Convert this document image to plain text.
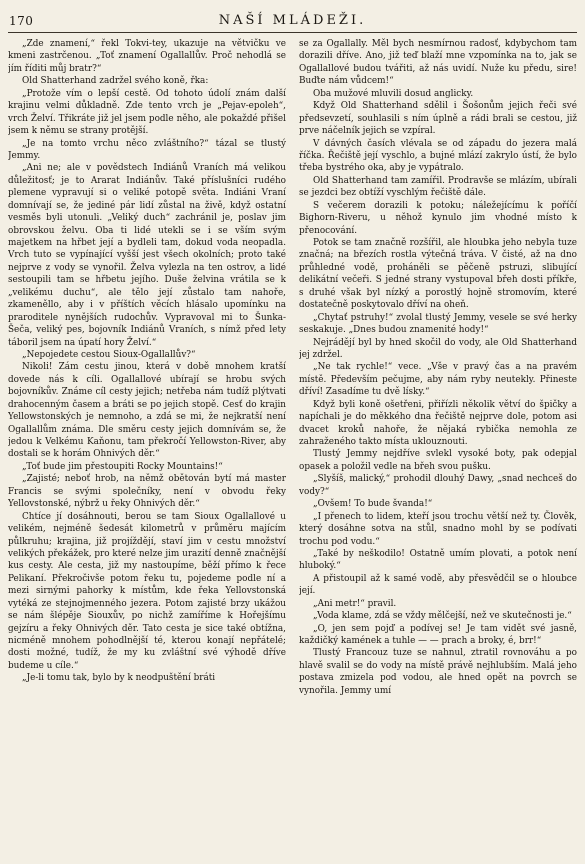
170	NAŠÍ MLÁDEŽI.

„Zde znamení,“ řekl Tokvi-tey, ukazuje na větvičku ve kmeni zastrčenou. „Toť znamení Ogallallův. Proč nehodlá se jím říditi můj bratr?“

Old Shatterhand zadržel svého koně, řka:

„Protože vím o lepší cestě. Od tohoto údolí znám další krajinu velmi důkladně. Zde tento vrch je „Pejav-epoleh“, vrch Želví. Třikráte již jel jsem podle něho, ale pokaždé přišel jsem k němu se strany protější.

„Je na tomto vrchu něco zvláštního?“ tázal se tlustý Jemmy.

„Ani ne; ale v povědstech Indiánů Vraních má velikou důležitosť; je to Ararat Indiánův. Také příslušníci rudého plemene vypravují si o veliké potopě světa. Indiáni Vraní domnívají se, že jediné pár lidí zůstal na živě, když ostatní vesměs byli utonuli. „Veliký duch“ zachránil je, poslav jim obrovskou želvu. Oba ti lidé utekli se i se vším svým majetkem na hřbet její a bydleli tam, dokud voda neopadla. Vrch tuto se vypínající vyšší jest všech okolních; proto také nejprve z vody se vynořil. Želva vylezla na ten ostrov, a lidé sestoupili tam se hřbetu jejího. Duše želvina vrátila se k „velikému duchu“, ale tělo její zůstalo tam nahoře, zkameněllo, aby i v příštích věcích hlásalo upomínku na praroditele nynějších rudochův. Vypravoval mi to Šunka-Šeča, veliký pes, bojovník Indiánů Vraních, s nímž před lety táboril jsem na úpatí hory Želví.“

„Nepojedete cestou Sioux-Ogallallův?“

Nikoli! Zám cestu jinou, která v době mnohem kratší dovede nás k cíli. Ogallallové ubírají se hrobu svých bojovníkův. Známe cíl cesty jejich; netřeba nám tudíž plýtvati drahocenným časem a bráti se po jejich stopě. Cesť do krajin Yellowstonských je nemnoho, a zdá se mi, že nejkratší není Ogallallům známa. Dle směru cesty jejich domnívám se, že jedou k Velkému Kaňonu, tam překročí Yellowston-River, aby dostali se k horám Ohnivých děr.“

„Toť bude jim přestoupiti Rocky Mountains!“

„Zajisté; neboť hrob, na němž obětován bytí má master Francis se svými společníky, není v obvodu řeky Yellovstonské, nýbrž u řeky Ohnivých děr.“

Chtíce jí dosáhnouti, berou se tam Sioux Ogallallové u velikém, nejméně šedesát kilometrů v průměru majícím půlkruhu; krajina, již projíždějí, staví jim v cestu množství velikých překážek, pro které nelze jim urazití denně značnější kus cesty. Ale cesta, již my nastoupíme, běží přímo k řece Pelikaní. Překročivše potom řeku tu, pojedeme podle ní a mezi sirnými pahorky k místům, kde řeka Yellovstonská vytéká ze stejnojmenného jezera. Potom zajisté brzy ukážou se nám šlépěje Siouxův, po nichž zamíříme k Hořejšímu gejzíru a řeky Ohnivých děr. Tato cesta je sice také obtížna, nicméně mnohem pohodlnější té, kterou konají nepřátelé; dosti možné, tudíž, že my ku zvláštní své výhodě dříve budeme u cíle.“

„Je-li tomu tak, bylo by k neodpuštění bráti

se za Ogallally. Měl bych nesmírnou radosť, kdybychom tam dorazili dříve. Ano, již teď blaží mne vzpomínka na to, jak se Ogallallové budou tvářiti, až nás uvidí. Nuže ku předu, sire! Buďte nám vůdcem!“

Oba mužové mluvili dosud anglicky.

Když Old Shatterhand sdělil i Šošonům jejich řeči své předsevzetí, souhlasili s ním úplně a rádi brali se cestou, již prve náčelník jejich se vzpíral.

V dávných časích vlévala se od západu do jezera malá říčka. Řečiště její vyschlo, a bujné mlází zakrylo ústí, že bylo třeba bystrého oka, aby je vypátralo.

Old Shatterhand tam zamířil. Prodravše se mlázím, ubírali se jezdci bez obtíží vyschlým řečiště dále.

S večerem dorazili k potoku; náležejícímu k poříčí Bighorn-Riveru, u něhož kynulo jim vhodné místo k přenocování.

Potok se tam značně rozšířil, ale hloubka jeho nebyla tuze značná; na březích rostla výtečná tráva. V čisté, až na dno průhledné vodě, proháněli se pěčeně pstruzi, slibující delikátní večeři. S jedné strany vystupoval břeh dosti příkře, s druhé však byl nízký a porostlý hojně stromovím, které dostatečně poskytovalo dříví na oheň.

„Chytať pstruhy!“ zvolal tlustý Jemmy, vesele se své herky seskakuje. „Dnes budou znamenité hody!“

Nejrádějí byl by hned skočil do vody, ale Old Shatterhand jej zdržel.

„Ne tak rychle!“ vece. „Vše v pravý čas a na pravém místě. Především pečujme, aby nám ryby neutekly. Přineste dříví! Zasadíme tu dvě lísky.“

Když byli koně ošetřeni, přiřízli několik větví do špičky a napíchali je do měkkého dna řečiště nejprve dole, potom asi dvacet kroků nahoře, že nějaká rybička nemohla ze zahraženého takto místa uklouznouti.

Tlustý Jemmy nejdříve svlekl vysoké boty, pak odepjal opasek a položil vedle na břeh svou pušku.

„Slyšíš, malický,“ prohodil dlouhý Dawy, „snad nechceš do vody?“

„Ovšem! To bude švanda!“

„I přenech to lidem, kteří jsou trochu větší než ty. Člověk, který dosáhne sotva na stůl, snadno mohl by se podívati trochu pod vodu.“

„Také by neškodilo! Ostatně umím plovati, a potok není hluboký.“

A přistoupil až k samé vodě, aby přesvědčil se o hloubce její.

„Ani metr!“ pravil.

„Voda klame, zdá se vždy mělčejší, než ve skutečnosti je.“

„O, jen sem pojď a podívej se! Je tam vidět své jasně, každičký kamének a tuhle — — prach a broky, é, brr!“

Tlustý Francouz tuze se nahnul, ztratil rovnováhu a po hlavě svalil se do vody na místě právě nejhlubším. Malá jeho postava zmizela pod vodou, ale hned opět na povrch se vynořila. Jemmy umí
